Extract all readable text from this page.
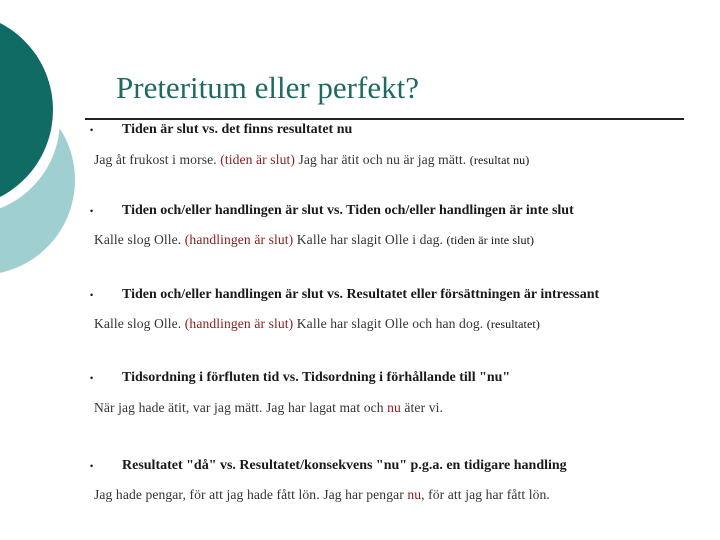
Preteritum eller perfekt?
• Tiden är slut vs. det finns resultatet nu
Jag åt frukost i morse. (tiden är slut) Jag har ätit och nu är jag mätt. (resultat nu)
• Tiden och/eller handlingen är slut vs. Tiden och/eller handlingen är inte slut
Kalle slog Olle. (handlingen är slut) Kalle har slagit Olle i dag. (tiden är inte slut)
• Tiden och/eller handlingen är slut vs. Resultatet eller försättningen är intressant
Kalle slog Olle. (handlingen är slut) Kalle har slagit Olle och han dog. (resultatet)
• Tidsordning i förfluten tid vs. Tidsordning i förhållande till "nu"
När jag hade ätit, var jag mätt. Jag har lagat mat och nu äter vi.
• Resultatet "då" vs. Resultatet/konsekvens "nu" p.g.a. en tidigare handling
Jag hade pengar, för att jag hade fått lön. Jag har pengar nu, för att jag har fått lön.
